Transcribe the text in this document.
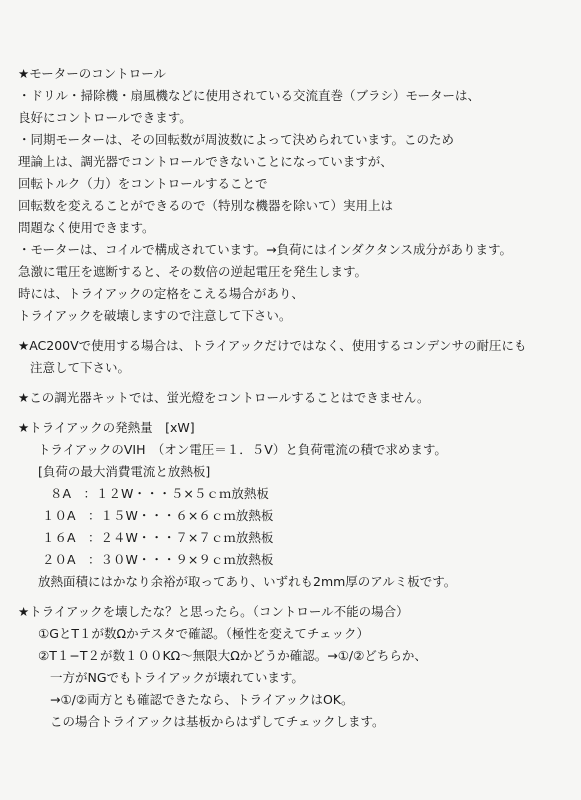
★モーターのコントロール
・ドリル・掃除機・扇風機などに使用されている交流直巻（ブラシ）モーターは、
良好にコントロールできます。
・同期モーターは、その回転数が周波数によって決められています。このため
理論上は、調光器でコントロールできないことになっていますが、
回転トルク（力）をコントロールすることで
回転数を変えることができるので（特別な機器を除いて）実用上は
問題なく使用できます。
・モーターは、コイルで構成されています。→負荷にはインダクタンス成分があります。
急激に電圧を遮断すると、その数倍の逆起電圧を発生します。
時には、トライアックの定格をこえる場合があり、
トライアックを破壊しますので注意して下さい。
★AC200Vで使用する場合は、トライアックだけではなく、使用するコンデンサの耐圧にも
注意して下さい。
★この調光器キットでは、蛍光燈をコントロールすることはできません。
★トライアックの発熱量　[xW]
トライアックのVIH　（オン電圧＝１．５V）と負荷電流の積で求めます。
[負荷の最大消費電流と放熱板]
８A　：１２W・・・５×５ｃｍ放熱板
１０A　：１５W・・・６×６ｃｍ放熱板
１６A　：２４W・・・７×７ｃｍ放熱板
２０A　：３０W・・・９×９ｃｍ放熱板
放熱面積にはかなり余裕が取ってあり、いずれも2mm厚のアルミ板です。
★トライアックを壊したな？と思ったら。（コントロール不能の場合）
①GとT１が数Ωかテスタで確認。（極性を変えてチェック）
②T１−T２が数１００KΩ～無限大Ωかどうか確認。→①/②どちらか、
一方がNGでもトライアックが壊れています。
→①/②両方とも確認できたなら、トライアックはOK。
この場合トライアックは基板からはずしてチェックします。
